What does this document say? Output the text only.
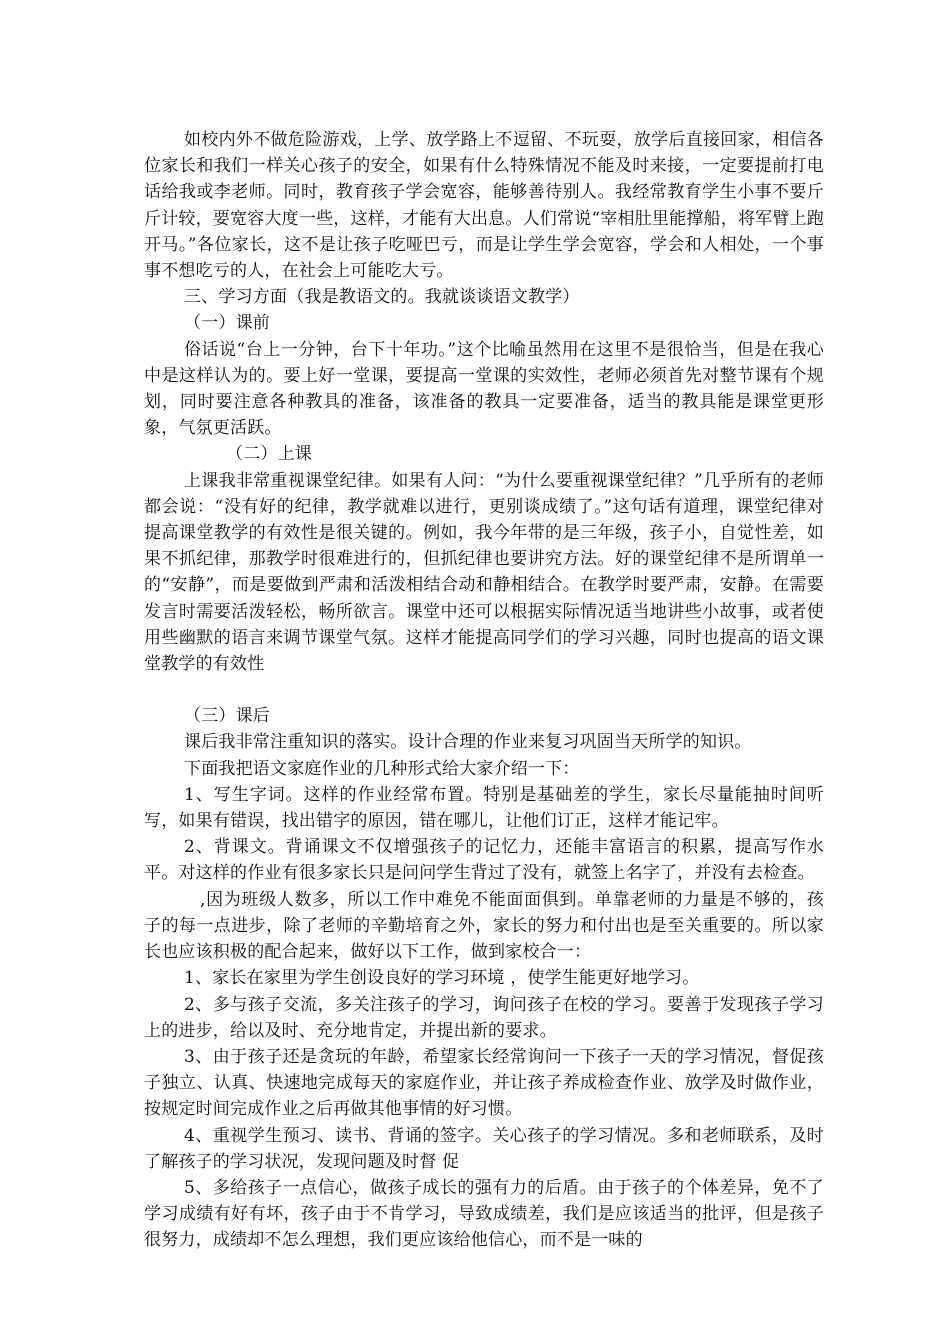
如校内外不做危险游戏，上学、放学路上不逗留、不玩耍，放学后直接回家，相信各位家长和我们一样关心孩子的安全，如果有什么特殊情况不能及时来接，一定要提前打电话给我或李老师。同时，教育孩子学会宽容，能够善待别人。我经常教育学生小事不要斤斤计较，要宽容大度一些，这样，才能有大出息。人们常说“宰相肚里能撑船，将军臂上跑开马。”各位家长，这不是让孩子吃哑巴亏，而是让学生学会宽容，学会和人相处，一个事事不想吃亏的人，在社会上可能吃大亏。

三、学习方面（我是教语文的。我就谈谈语文教学）

（一）课前

俗话说“台上一分钟，台下十年功。”这个比喻虽然用在这里不是很恰当，但是在我心中是这样认为的。要上好一堂课，要提高一堂课的实效性，老师必须首先对整节课有个规划，同时要注意各种教具的准备，该准备的教具一定要准备，适当的教具能是课堂更形象，气氛更活跃。

（二）上课

上课我非常重视课堂纪律。如果有人问：“为什么要重视课堂纪律？”几乎所有的老师都会说：“没有好的纪律，教学就难以进行，更别谈成绩了。”这句话有道理，课堂纪律对提高课堂教学的有效性是很关键的。例如，我今年带的是三年级，孩子小，自觉性差，如果不抓纪律，那教学时很难进行的，但抓纪律也要讲究方法。好的课堂纪律不是所谓单一的“安静”，而是要做到严肃和活泼相结合动和静相结合。在教学时要严肃，安静。在需要发言时需要活泼轻松，畅所欲言。课堂中还可以根据实际情况适当地讲些小故事，或者使用些幽默的语言来调节课堂气氛。这样才能提高同学们的学习兴趣，同时也提高的语文课堂教学的有效性

（三）课后

课后我非常注重知识的落实。设计合理的作业来复习巩固当天所学的知识。

下面我把语文家庭作业的几种形式给大家介绍一下：

1、写生字词。这样的作业经常布置。特别是基础差的学生，家长尽量能抽时间听写，如果有错误，找出错字的原因，错在哪儿，让他们订正，这样才能记牢。

2、背课文。背诵课文不仅增强孩子的记忆力，还能丰富语言的积累，提高写作水平。对这样的作业有很多家长只是问问学生背过了没有，就签上名字了，并没有去检查。

,因为班级人数多，所以工作中难免不能面面俱到。单靠老师的力量是不够的，孩子的每一点进步，除了老师的辛勤培育之外，家长的努力和付出也是至关重要的。所以家长也应该积极的配合起来，做好以下工作，做到家校合一：

1、家长在家里为学生创设良好的学习环境 ，使学生能更好地学习。

2、多与孩子交流，多关注孩子的学习，询问孩子在校的学习。要善于发现孩子学习上的进步，给以及时、充分地肯定，并提出新的要求。

3、由于孩子还是贪玩的年龄，希望家长经常询问一下孩子一天的学习情况，督促孩子独立、认真、快速地完成每天的家庭作业，并让孩子养成检查作业、放学及时做作业，按规定时间完成作业之后再做其他事情的好习惯。

4、重视学生预习、读书、背诵的签字。关心孩子的学习情况。多和老师联系，及时了解孩子的学习状况，发现问题及时督 促

5、多给孩子一点信心，做孩子成长的强有力的后盾。由于孩子的个体差异，免不了学习成绩有好有坏，孩子由于不肯学习，导致成绩差，我们是应该适当的批评，但是孩子很努力，成绩却不怎么理想，我们更应该给他信心，而不是一味的
